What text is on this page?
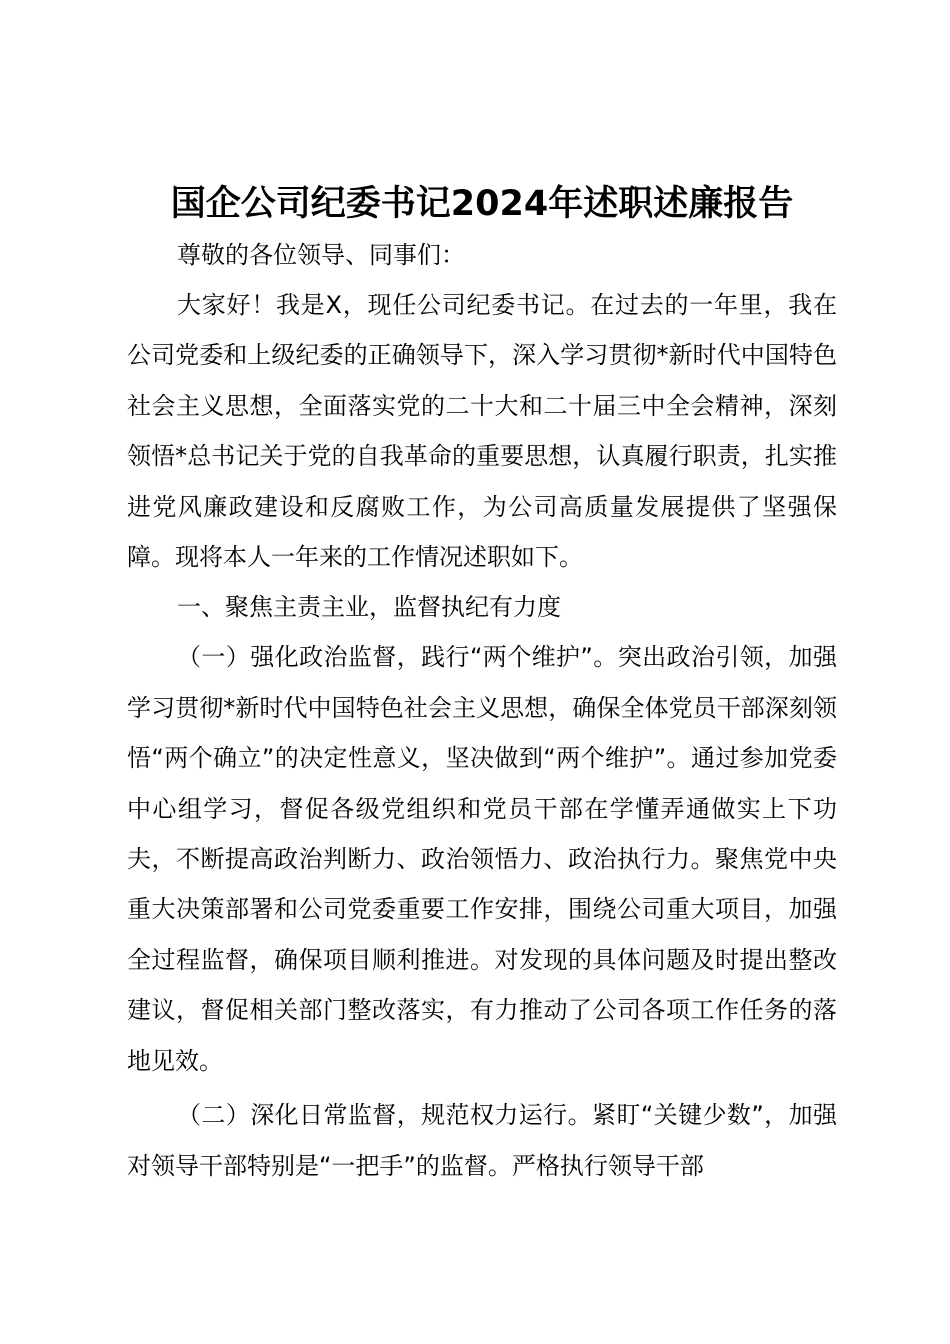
国企公司纪委书记2024年述职述廉报告

尊敬的各位领导、同事们：

大家好！我是X，现任公司纪委书记。在过去的一年里，我在公司党委和上级纪委的正确领导下，深入学习贯彻*新时代中国特色社会主义思想，全面落实党的二十大和二十届三中全会精神，深刻领悟*总书记关于党的自我革命的重要思想，认真履行职责，扎实推进党风廉政建设和反腐败工作，为公司高质量发展提供了坚强保障。现将本人一年来的工作情况述职如下。

一、聚焦主责主业，监督执纪有力度

（一）强化政治监督，践行“两个维护”。突出政治引领，加强学习贯彻*新时代中国特色社会主义思想，确保全体党员干部深刻领悟“两个确立”的决定性意义，坚决做到“两个维护”。通过参加党委中心组学习，督促各级党组织和党员干部在学懂弄通做实上下功夫，不断提高政治判断力、政治领悟力、政治执行力。聚焦党中央重大决策部署和公司党委重要工作安排，围绕公司重大项目，加强全过程监督，确保项目顺利推进。对发现的具体问题及时提出整改建议，督促相关部门整改落实，有力推动了公司各项工作任务的落地见效。

（二）深化日常监督，规范权力运行。紧盯“关键少数”，加强对领导干部特别是“一把手”的监督。严格执行领导干部
